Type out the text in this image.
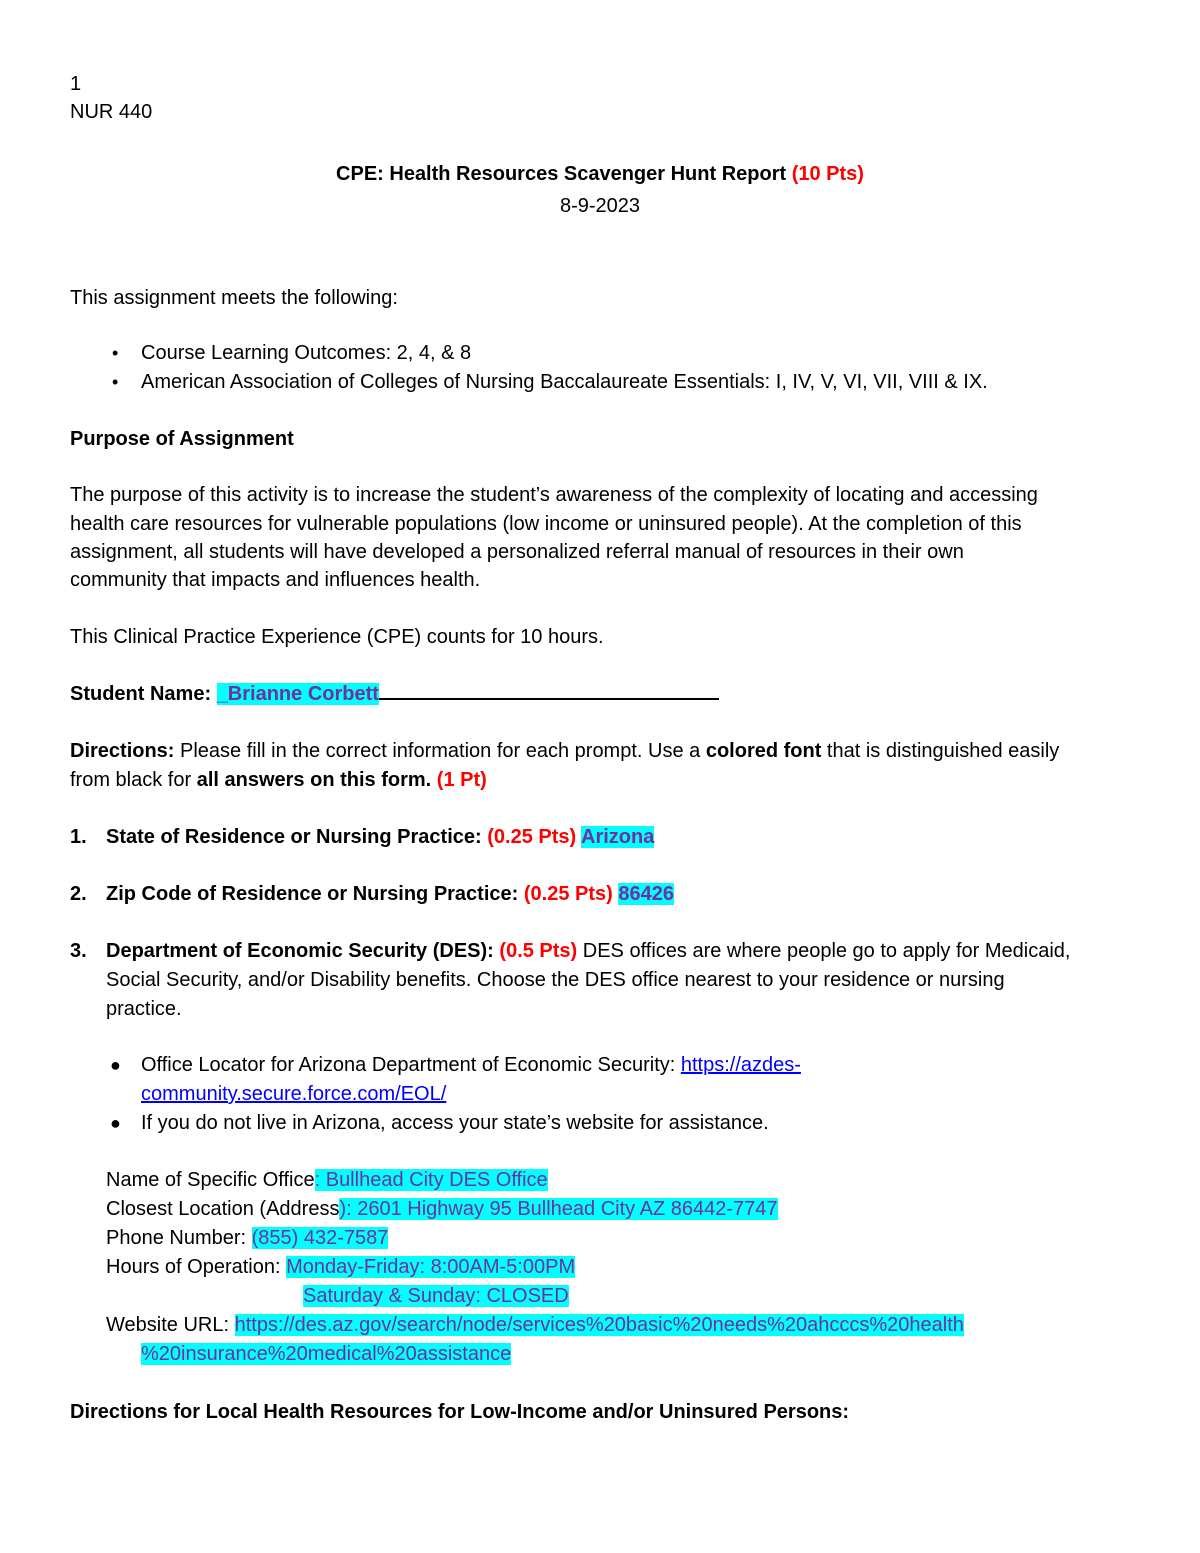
1
NUR 440
CPE: Health Resources Scavenger Hunt Report (10 Pts)
8-9-2023
This assignment meets the following:
• Course Learning Outcomes: 2, 4, & 8
• American Association of Colleges of Nursing Baccalaureate Essentials: I, IV, V, VI, VII, VIII & IX.
Purpose of Assignment
The purpose of this activity is to increase the student’s awareness of the complexity of locating and accessing
health care resources for vulnerable populations (low income or uninsured people). At the completion of this
assignment, all students will have developed a personalized referral manual of resources in their own
community that impacts and influences health.
This Clinical Practice Experience (CPE) counts for 10 hours.
Student Name: _Brianne Corbett
Directions: Please fill in the correct information for each prompt. Use a colored font that is distinguished easily
from black for all answers on this form. (1 Pt)
1. State of Residence or Nursing Practice: (0.25 Pts) Arizona
2. Zip Code of Residence or Nursing Practice: (0.25 Pts) 86426
3. Department of Economic Security (DES): (0.5 Pts) DES offices are where people go to apply for Medicaid,
Social Security, and/or Disability benefits. Choose the DES office nearest to your residence or nursing
practice.
● Office Locator for Arizona Department of Economic Security: https://azdes-
community.secure.force.com/EOL/
● If you do not live in Arizona, access your state’s website for assistance.
Name of Specific Office: Bullhead City DES Office
Closest Location (Address): 2601 Highway 95 Bullhead City AZ 86442-7747
Phone Number: (855) 432-7587
Hours of Operation: Monday-Friday: 8:00AM-5:00PM
Saturday & Sunday: CLOSED
Website URL: https://des.az.gov/search/node/services%20basic%20needs%20ahcccs%20health
%20insurance%20medical%20assistance
Directions for Local Health Resources for Low-Income and/or Uninsured Persons:
